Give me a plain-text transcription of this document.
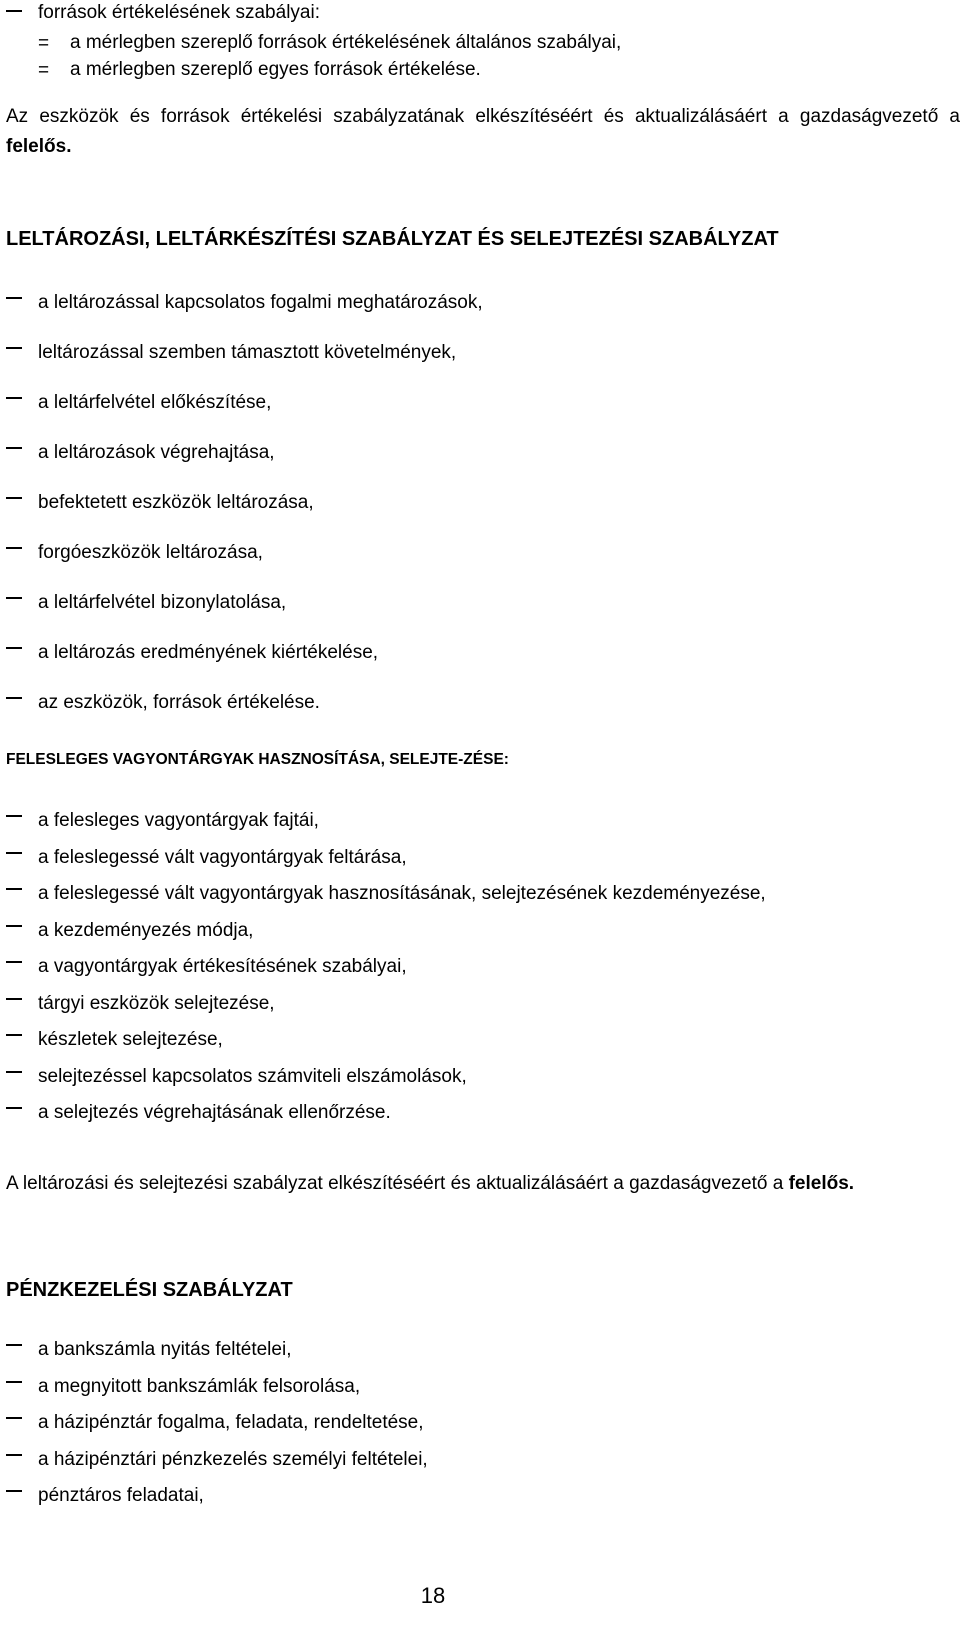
források értékelésének szabályai:
= a mérlegben szereplő források értékelésének általános szabályai,
= a mérlegben szereplő egyes források értékelése.
Az eszközök és források értékelési szabályzatának elkészítéséért és aktualizálásáért a gazdaságvezető a felelős.
LELTÁROZÁSI, LELTÁRKÉSZÍTÉSI SZABÁLYZAT ÉS SELEJTEZÉSI SZABÁLYZAT
a leltározással kapcsolatos fogalmi meghatározások,
leltározással szemben támasztott követelmények,
a leltárfelvétel előkészítése,
a leltározások végrehajtása,
befektetett eszközök leltározása,
forgóeszközök leltározása,
a leltárfelvétel bizonylatolása,
a leltározás eredményének kiértékelése,
az eszközök, források értékelése.
FELESLEGES VAGYONTÁRGYAK HASZNOSÍTÁSA, SELEJTE-ZÉSE:
a felesleges vagyontárgyak fajtái,
a feleslegessé vált vagyontárgyak feltárása,
a feleslegessé vált vagyontárgyak hasznosításának, selejtezésének kezdeményezése,
a kezdeményezés módja,
a vagyontárgyak értékesítésének szabályai,
tárgyi eszközök selejtezése,
készletek selejtezése,
selejtezéssel kapcsolatos számviteli elszámolások,
a selejtezés végrehajtásának ellenőrzése.
A leltározási és selejtezési szabályzat elkészítéséért és aktualizálásáért a gazdaságvezető a felelős.
PÉNZKEZELÉSI SZABÁLYZAT
a bankszámla nyitás feltételei,
a megnyitott bankszámlák felsorolása,
a házipénztár fogalma, feladata, rendeltetése,
a házipénztári pénzkezelés személyi feltételei,
pénztáros feladatai,
18
